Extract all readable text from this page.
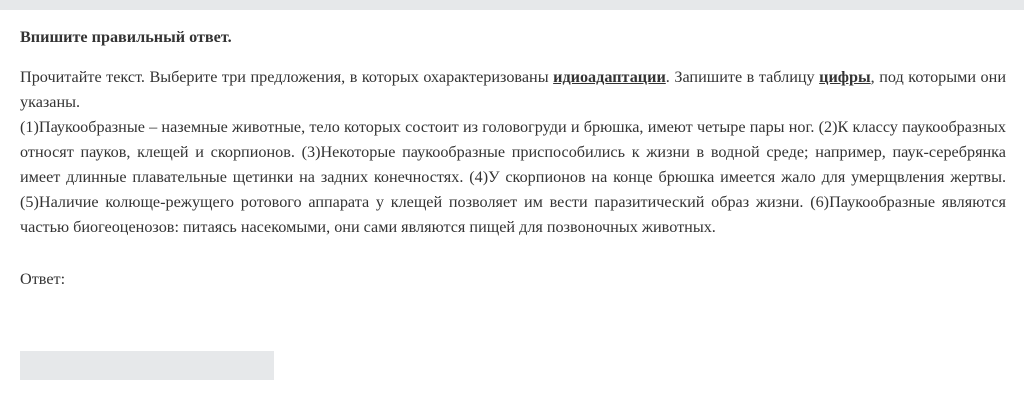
Впишите правильный ответ.

Прочитайте текст. Выберите три предложения, в которых охарактеризованы идиоадаптации. Запишите в таблицу цифры, под которыми они указаны.

(1)Паукообразные – наземные животные, тело которых состоит из головогруди и брюшка, имеют четыре пары ног. (2)К классу паукообразных относят пауков, клещей и скорпионов. (3)Некоторые паукообразные приспособились к жизни в водной среде; например, паук-серебрянка имеет длинные плавательные щетинки на задних конечностях. (4)У скорпионов на конце брюшка имеется жало для умерщвления жертвы. (5)Наличие колюще-режущего ротового аппарата у клещей позволяет им вести паразитический образ жизни. (6)Паукообразные являются частью биогеоценозов: питаясь насекомыми, они сами являются пищей для позвоночных животных.

Ответ:
